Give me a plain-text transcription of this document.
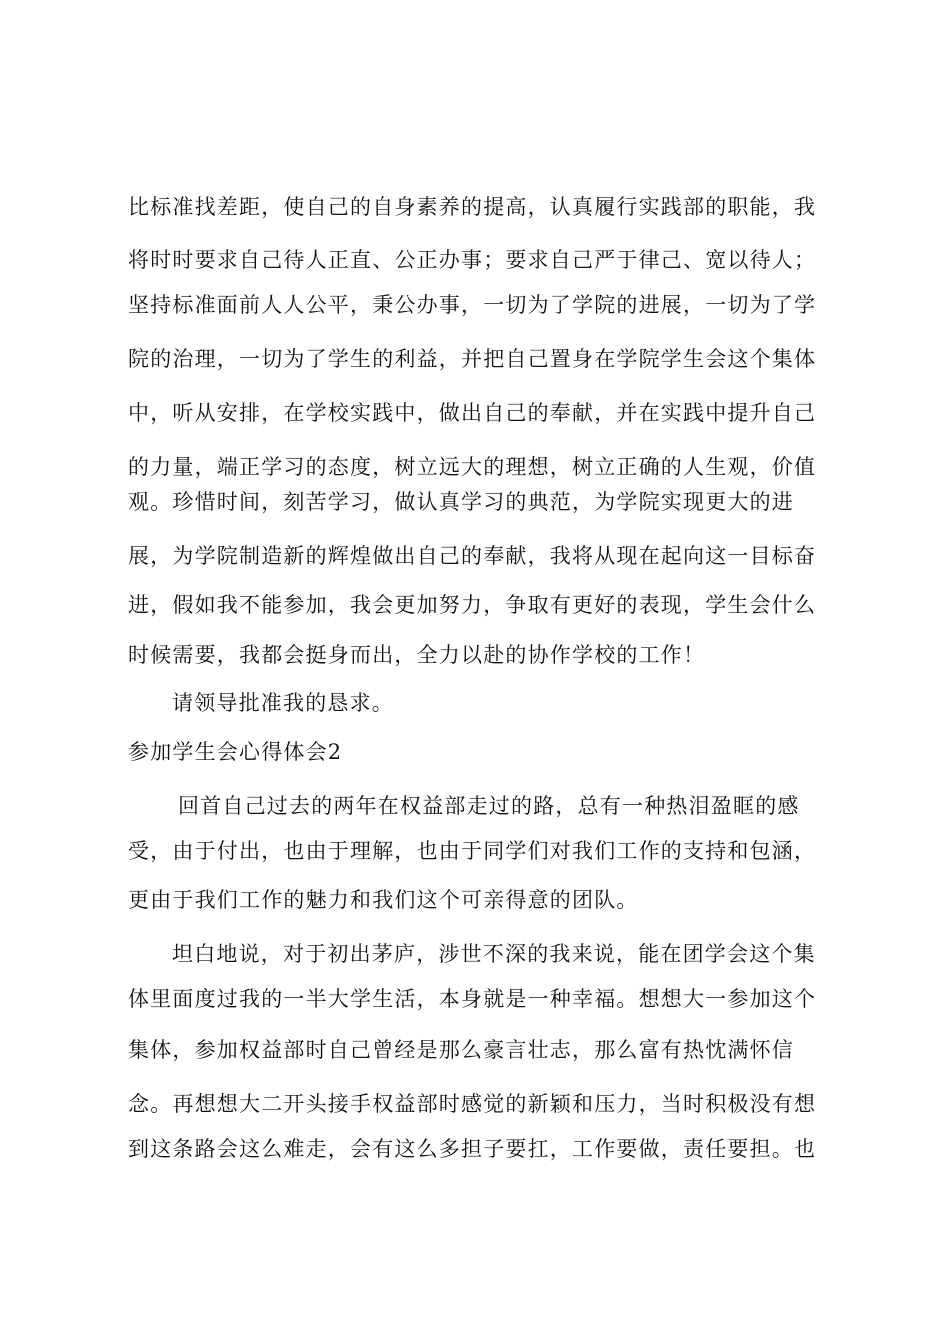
比标准找差距，使自己的自身素养的提高，认真履行实践部的职能，我
将时时要求自己待人正直、公正办事；要求自己严于律己、宽以待人；
坚持标准面前人人公平，秉公办事，一切为了学院的进展，一切为了学
院的治理，一切为了学生的利益，并把自己置身在学院学生会这个集体
中，听从安排，在学校实践中，做出自己的奉献，并在实践中提升自己
的力量，端正学习的态度，树立远大的理想，树立正确的人生观，价值
观。珍惜时间，刻苦学习，做认真学习的典范，为学院实现更大的进
展，为学院制造新的辉煌做出自己的奉献，我将从现在起向这一目标奋
进，假如我不能参加，我会更加努力，争取有更好的表现，学生会什么
时候需要，我都会挺身而出，全力以赴的协作学校的工作！
请领导批准我的恳求。
参加学生会心得体会2
回首自己过去的两年在权益部走过的路，总有一种热泪盈眶的感
受，由于付出，也由于理解，也由于同学们对我们工作的支持和包涵，
更由于我们工作的魅力和我们这个可亲得意的团队。
坦白地说，对于初出茅庐，涉世不深的我来说，能在团学会这个集
体里面度过我的一半大学生活，本身就是一种幸福。想想大一参加这个
集体，参加权益部时自己曾经是那么豪言壮志，那么富有热忱满怀信
念。再想想大二开头接手权益部时感觉的新颖和压力，当时积极没有想
到这条路会这么难走，会有这么多担子要扛，工作要做，责任要担。也
